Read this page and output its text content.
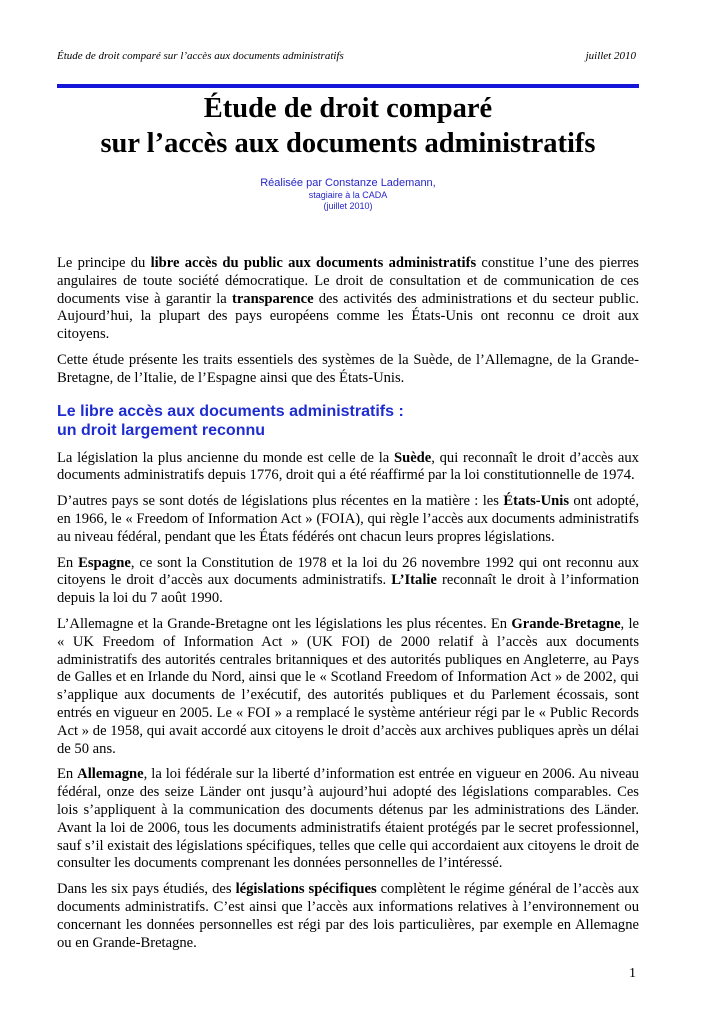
Étude de droit comparé sur l’accès aux documents administratifs	juillet 2010
Étude de droit comparé
sur l’accès aux documents administratifs
Réalisée par Constanze Lademann,
stagiaire à la CADA
(juillet 2010)

Le principe du libre accès du public aux documents administratifs constitue l’une des pierres angulaires de toute société démocratique. Le droit de consultation et de communication de ces documents vise à garantir la transparence des activités des administrations et du secteur public. Aujourd’hui, la plupart des pays européens comme les États-Unis ont reconnu ce droit aux citoyens.

Cette étude présente les traits essentiels des systèmes de la Suède, de l’Allemagne, de la Grande-Bretagne, de l’Italie, de l’Espagne ainsi que des États-Unis.

Le libre accès aux documents administratifs :
un droit largement reconnu

La législation la plus ancienne du monde est celle de la Suède, qui reconnaît le droit d’accès aux documents administratifs depuis 1776, droit qui a été réaffirmé par la loi constitutionnelle de 1974.

D’autres pays se sont dotés de législations plus récentes en la matière : les États-Unis ont adopté, en 1966, le « Freedom of Information Act » (FOIA), qui règle l’accès aux documents administratifs au niveau fédéral, pendant que les États fédérés ont chacun leurs propres législations.

En Espagne, ce sont la Constitution de 1978 et la loi du 26 novembre 1992 qui ont reconnu aux citoyens le droit d’accès aux documents administratifs. L’Italie reconnaît le droit à l’information depuis la loi du 7 août 1990.

L’Allemagne et la Grande-Bretagne ont les législations les plus récentes. En Grande-Bretagne, le « UK Freedom of Information Act » (UK FOI) de 2000 relatif à l’accès aux documents administratifs des autorités centrales britanniques et des autorités publiques en Angleterre, au Pays de Galles et en Irlande du Nord, ainsi que le « Scotland Freedom of Information Act » de 2002, qui s’applique aux documents de l’exécutif, des autorités publiques et du Parlement écossais, sont entrés en vigueur en 2005. Le « FOI » a remplacé le système antérieur régi par le « Public Records Act » de 1958, qui avait accordé aux citoyens le droit d’accès aux archives publiques après un délai de 50 ans.

En Allemagne, la loi fédérale sur la liberté d’information est entrée en vigueur en 2006. Au niveau fédéral, onze des seize Länder ont jusqu’à aujourd’hui adopté des législations comparables. Ces lois s’appliquent à la communication des documents détenus par les administrations des Länder. Avant la loi de 2006, tous les documents administratifs étaient protégés par le secret professionnel, sauf s’il existait des législations spécifiques, telles que celle qui accordaient aux citoyens le droit de consulter les documents comprenant les données personnelles de l’intéressé.

Dans les six pays étudiés, des législations spécifiques complètent le régime général de l’accès aux documents administratifs. C’est ainsi que l’accès aux informations relatives à l’environnement ou concernant les données personnelles est régi par des lois particulières, par exemple en Allemagne ou en Grande-Bretagne.

1
